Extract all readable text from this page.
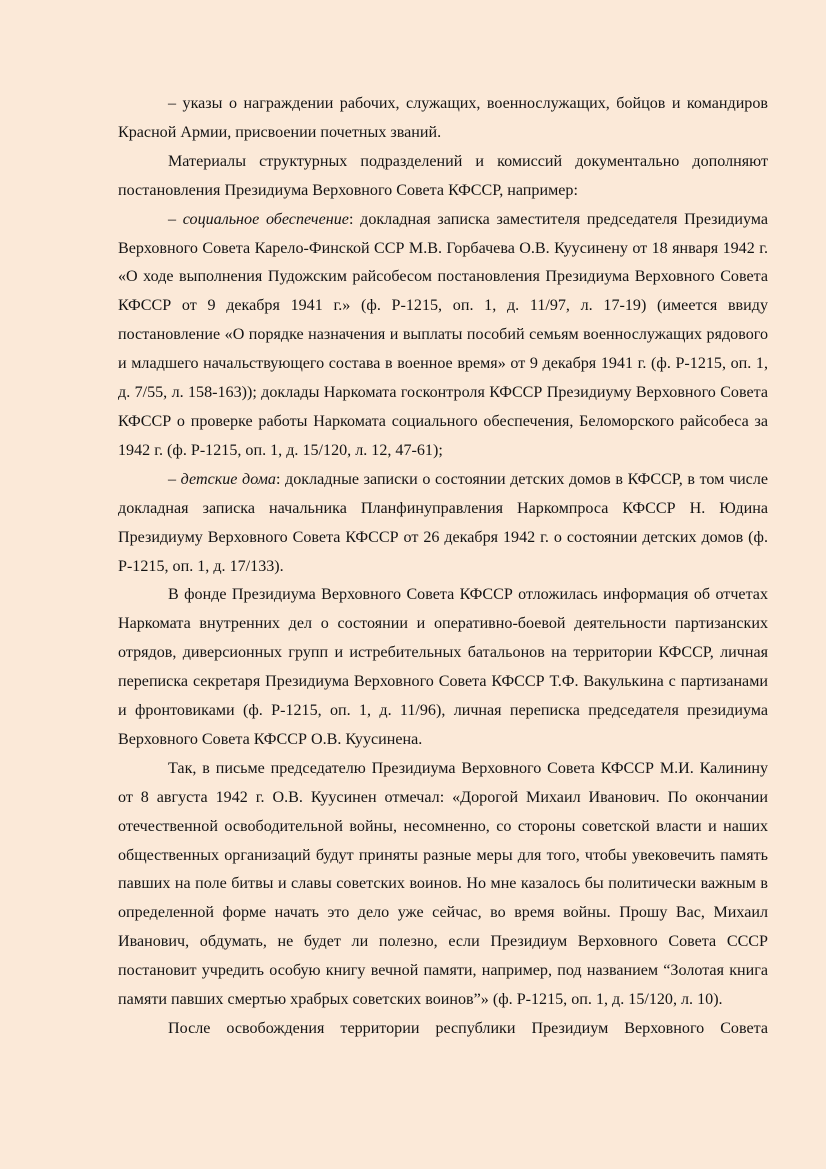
– указы о награждении рабочих, служащих, военнослужащих, бойцов и командиров Красной Армии, присвоении почетных званий.

Материалы структурных подразделений и комиссий документально дополняют постановления Президиума Верховного Совета КФССР, например:

– социальное обеспечение: докладная записка заместителя председателя Президиума Верховного Совета Карело-Финской ССР М.В. Горбачева О.В. Куусинену от 18 января 1942 г. «О ходе выполнения Пудожским райсобесом постановления Президиума Верховного Совета КФССР от 9 декабря 1941 г.» (ф. Р-1215, оп. 1, д. 11/97, л. 17-19) (имеется ввиду постановление «О порядке назначения и выплаты пособий семьям военнослужащих рядового и младшего начальствующего состава в военное время» от 9 декабря 1941 г. (ф. Р-1215, оп. 1, д. 7/55, л. 158-163)); доклады Наркомата госконтроля КФССР Президиуму Верховного Совета КФССР о проверке работы Наркомата социального обеспечения, Беломорского райсобеса за 1942 г. (ф. Р-1215, оп. 1, д. 15/120, л. 12, 47-61);

– детские дома: докладные записки о состоянии детских домов в КФССР, в том числе докладная записка начальника Планфинуправления Наркомпроса КФССР Н. Юдина Президиуму Верховного Совета КФССР от 26 декабря 1942 г. о состоянии детских домов (ф. Р-1215, оп. 1, д. 17/133).

В фонде Президиума Верховного Совета КФССР отложилась информация об отчетах Наркомата внутренних дел о состоянии и оперативно-боевой деятельности партизанских отрядов, диверсионных групп и истребительных батальонов на территории КФССР, личная переписка секретаря Президиума Верховного Совета КФССР Т.Ф. Вакулькина с партизанами и фронтовиками (ф. Р-1215, оп. 1, д. 11/96), личная переписка председателя президиума Верховного Совета КФССР О.В. Куусинена.

Так, в письме председателю Президиума Верховного Совета КФССР М.И. Калинину от 8 августа 1942 г. О.В. Куусинен отмечал: «Дорогой Михаил Иванович. По окончании отечественной освободительной войны, несомненно, со стороны советской власти и наших общественных организаций будут приняты разные меры для того, чтобы увековечить память павших на поле битвы и славы советских воинов. Но мне казалось бы политически важным в определенной форме начать это дело уже сейчас, во время войны. Прошу Вас, Михаил Иванович, обдумать, не будет ли полезно, если Президиум Верховного Совета СССР постановит учредить особую книгу вечной памяти, например, под названием “Золотая книга памяти павших смертью храбрых советских воинов”» (ф. Р-1215, оп. 1, д. 15/120, л. 10).

После освобождения территории республики Президиум Верховного Совета
